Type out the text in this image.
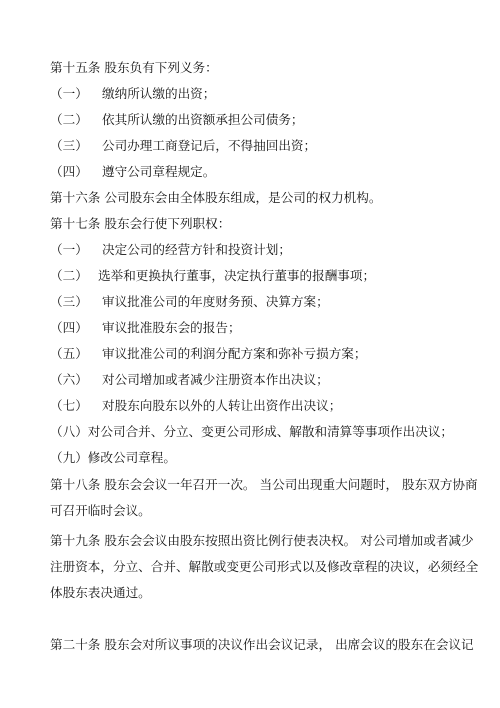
第十五条 股东负有下列义务：
（一） 缴纳所认缴的出资；
（二） 依其所认缴的出资额承担公司债务；
（三） 公司办理工商登记后，不得抽回出资；
（四） 遵守公司章程规定。
第十六条 公司股东会由全体股东组成，是公司的权力机构。
第十七条 股东会行使下列职权：
（一） 决定公司的经营方针和投资计划；
（二） 选举和更换执行董事，决定执行董事的报酬事项；
（三） 审议批准公司的年度财务预、决算方案；
（四） 审议批准股东会的报告；
（五） 审议批准公司的利润分配方案和弥补亏损方案；
（六） 对公司增加或者减少注册资本作出决议；
（七） 对股东向股东以外的人转让出资作出决议；
（八）对公司合并、分立、变更公司形成、解散和清算等事项作出决议；
（九）修改公司章程。
第十八条 股东会会议一年召开一次。 当公司出现重大问题时， 股东双方协商
可召开临时会议。
第十九条 股东会会议由股东按照出资比例行使表决权。 对公司增加或者减少
注册资本，分立、合并、解散或变更公司形式以及修改章程的决议，必须经全
体股东表决通过。
第二十条 股东会对所议事项的决议作出会议记录， 出席会议的股东在会议记
